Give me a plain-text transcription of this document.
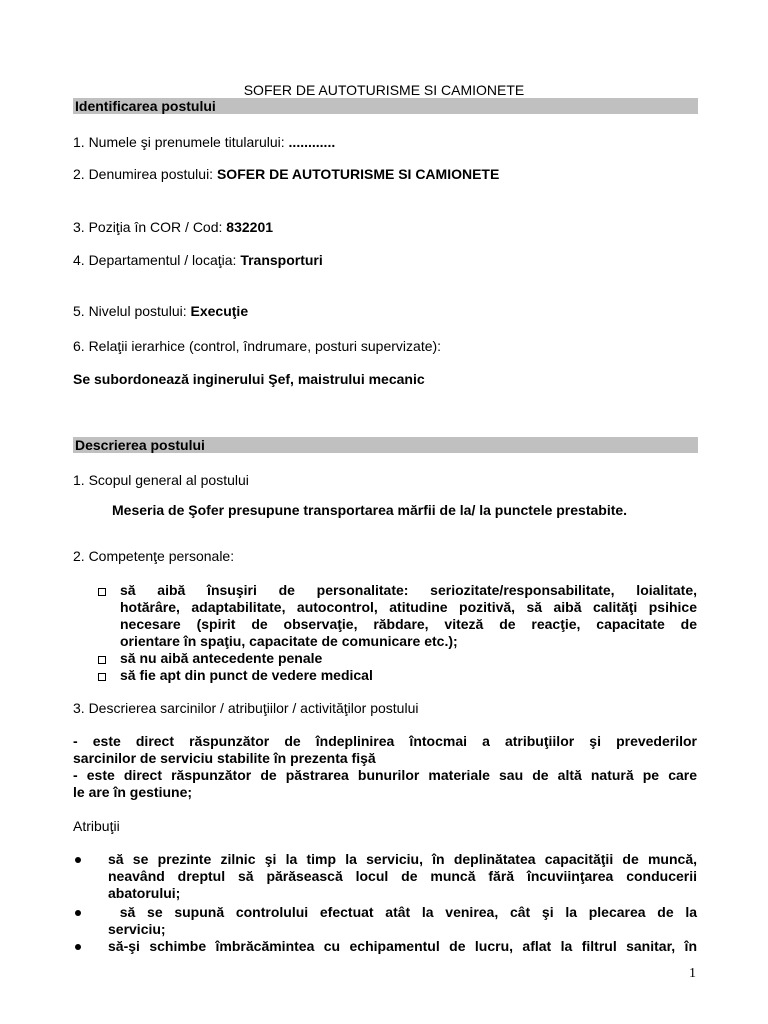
SOFER DE AUTOTURISME SI CAMIONETE
Identificarea postului
1. Numele şi prenumele titularului: ............
2. Denumirea postului: SOFER DE AUTOTURISME SI CAMIONETE
3. Poziţia în COR / Cod: 832201
4. Departamentul / locaţia: Transporturi
5. Nivelul postului: Execuţie
6. Relaţii ierarhice (control, îndrumare, posturi supervizate):
Se subordonează inginerului Şef, maistrului mecanic
Descrierea postului
1. Scopul general al postului
Meseria de Şofer presupune transportarea mărfii de la/ la punctele prestabite.
2. Competenţe personale:
să aibă însuşiri de personalitate: seriozitate/responsabilitate, loialitate,
hotărâre, adaptabilitate, autocontrol, atitudine pozitivă, să aibă calităţi psihice
necesare (spirit de observaţie, răbdare, viteză de reacţie, capacitate de
orientare în spaţiu, capacitate de comunicare etc.);
să nu aibă antecedente penale
să fie apt din punct de vedere medical
3. Descrierea sarcinilor / atribuţiilor / activităţilor postului
- este direct răspunzător de îndeplinirea întocmai a atribuţiilor şi prevederilor
sarcinilor de serviciu stabilite în prezenta fişă
- este direct răspunzător de păstrarea bunurilor materiale sau de altă natură pe care
le are în gestiune;
Atribuţii
să se prezinte zilnic şi la timp la serviciu, în deplinătatea capacităţii de muncă,
neavând dreptul să părăsească locul de muncă fără încuviinţarea conducerii
abatorului;
să se supună controlului efectuat atât la venirea, cât şi la plecarea de la
serviciu;
să-şi schimbe îmbrăcămintea cu echipamentul de lucru, aflat la filtrul sanitar, în
1
